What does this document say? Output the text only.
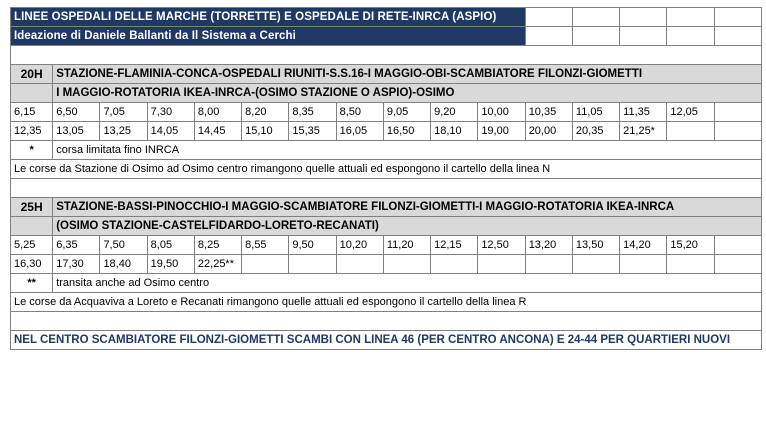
LINEE OSPEDALI DELLE MARCHE (TORRETTE) E OSPEDALE DI RETE-INRCA (ASPIO)															
Ideazione di Daniele Ballanti da Il Sistema a Cerchi															

20H	STAZIONE-FLAMINIA-CONCA-OSPEDALI RIUNITI-S.S.16-I MAGGIO-OBI-SCAMBIATORE FILONZI-GIOMETTI														
	I MAGGIO-ROTATORIA IKEA-INRCA-(OSIMO STAZIONE O ASPIO)-OSIMO														
6,15	6,50	7,05	7,30	8,00	8,20	8,35	8,50	9,05	9,20	10,00	10,35	11,05	11,35	12,05	
12,35	13,05	13,25	14,05	14,45	15,10	15,35	16,05	16,50	18,10	19,00	20,00	20,35	21,25*		
*	corsa limitata fino INRCA														
Le corse da Stazione di Osimo ad Osimo centro rimangono quelle attuali ed espongono il cartello della linea N															

25H	STAZIONE-BASSI-PINOCCHIO-I MAGGIO-SCAMBIATORE FILONZI-GIOMETTI-I MAGGIO-ROTATORIA IKEA-INRCA														
	(OSIMO STAZIONE-CASTELFIDARDO-LORETO-RECANATI)														
5,25	6,35	7,50	8,05	8,25	8,55	9,50	10,20	11,20	12,15	12,50	13,20	13,50	14,20	15,20	
16,30	17,30	18,40	19,50	22,25**											
**	transita anche ad Osimo centro														
Le corse da Acquaviva a Loreto e Recanati rimangono quelle attuali ed espongono il cartello della linea R															

NEL CENTRO SCAMBIATORE FILONZI-GIOMETTI SCAMBI CON LINEA 46 (PER CENTRO ANCONA) E 24-44 PER QUARTIERI NUOVI															
